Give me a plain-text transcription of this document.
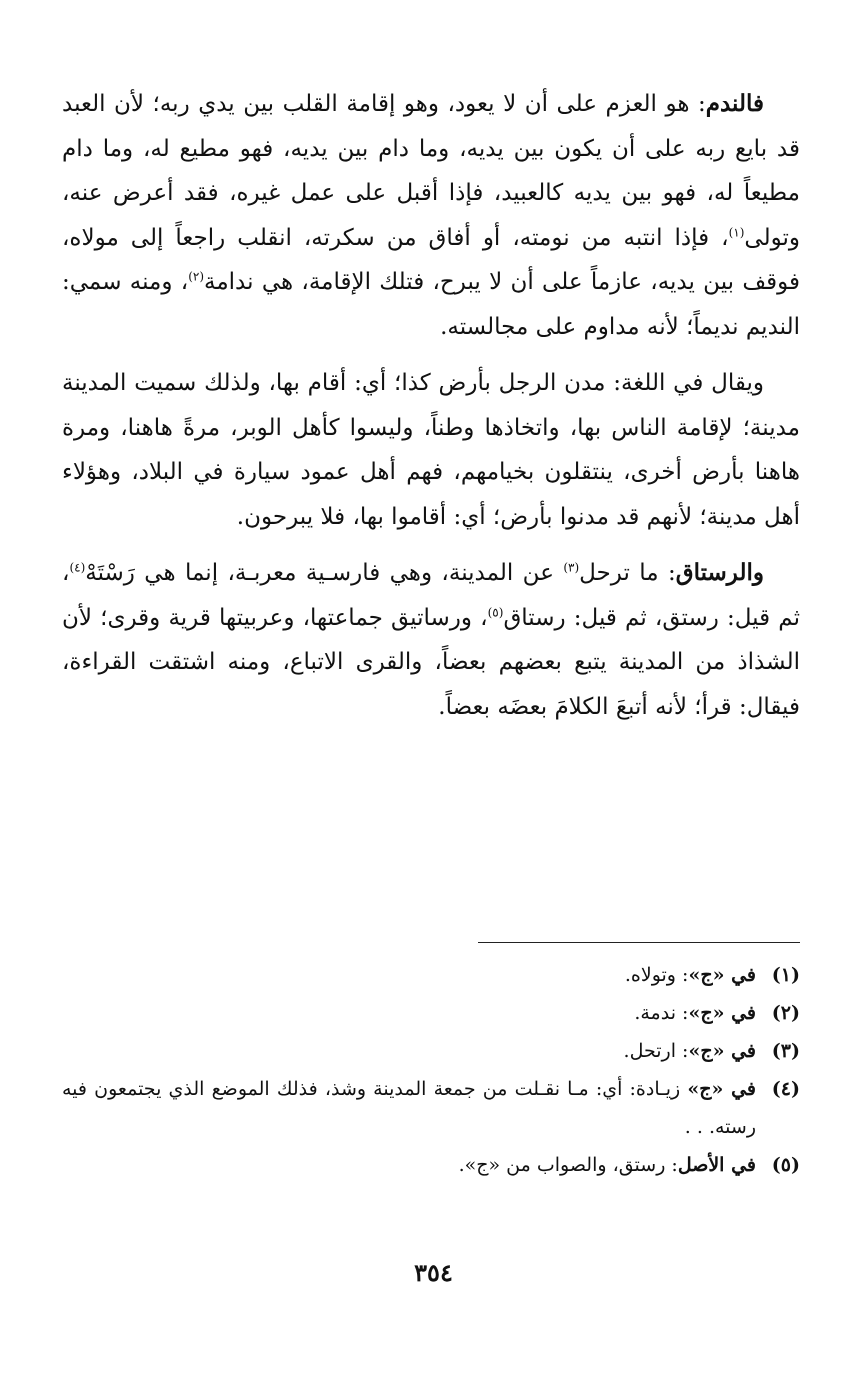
فالندم: هو العزم على أن لا يعود، وهو إقامة القلب بين يدي ربه؛ لأن العبد قد بايع ربه على أن يكون بين يديه، وما دام بين يديه، فهو مطيع له، وما دام مطيعاً له، فهو بين يديه كالعبيد، فإذا أقبل على عمل غيره، فقد أعرض عنه، وتولى$^{(١)}$، فإذا انتبه من نومته، أو أفاق من سكرته، انقلب راجعاً إلى مولاه، فوقف بين يديه، عازماً على أن لا يبرح، فتلك الإقامة، هي ندامة$^{(٢)}$، ومنه سمي: النديم نديماً؛ لأنه مداوم على مجالسته.

ويقال في اللغة: مدن الرجل بأرض كذا؛ أي: أقام بها، ولذلك سميت المدينة مدينة؛ لإقامة الناس بها، واتخاذها وطناً، وليسوا كأهل الوبر، مرةً هاهنا، ومرة هاهنا بأرض أخرى، ينتقلون بخيامهم، فهم أهل عمود سيارة في البلاد، وهؤلاء أهل مدينة؛ لأنهم قد مدنوا بأرض؛ أي: أقاموا بها، فلا يبرحون.

والرستاق: ما ترحل$^{(٣)}$ عن المدينة، وهي فارسـية معربـة، إنما هي رَسْتَهْ$^{(٤)}$، ثم قيل: رستق، ثم قيل: رستاق$^{(٥)}$، ورساتيق جماعتها، وعربيتها قرية وقرى؛ لأن الشذاذ من المدينة يتبع بعضهم بعضاً، والقرى الاتباع، ومنه اشتقت القراءة، فيقال: قرأ؛ لأنه أتبعَ الكلامَ بعضَه بعضاً.

(١)
في «ج»: وتولاه.
(٢)
في «ج»: ندمة.
(٣)
في «ج»: ارتحل.
(٤)
في «ج» زيـادة: أي: مـا نقـلت من جمعة المدينة وشذ، فذلك الموضع الذي يجتمعون فيه رسته. . .
(٥)
في الأصل: رستق، والصواب من «ج».
٣٥٤
